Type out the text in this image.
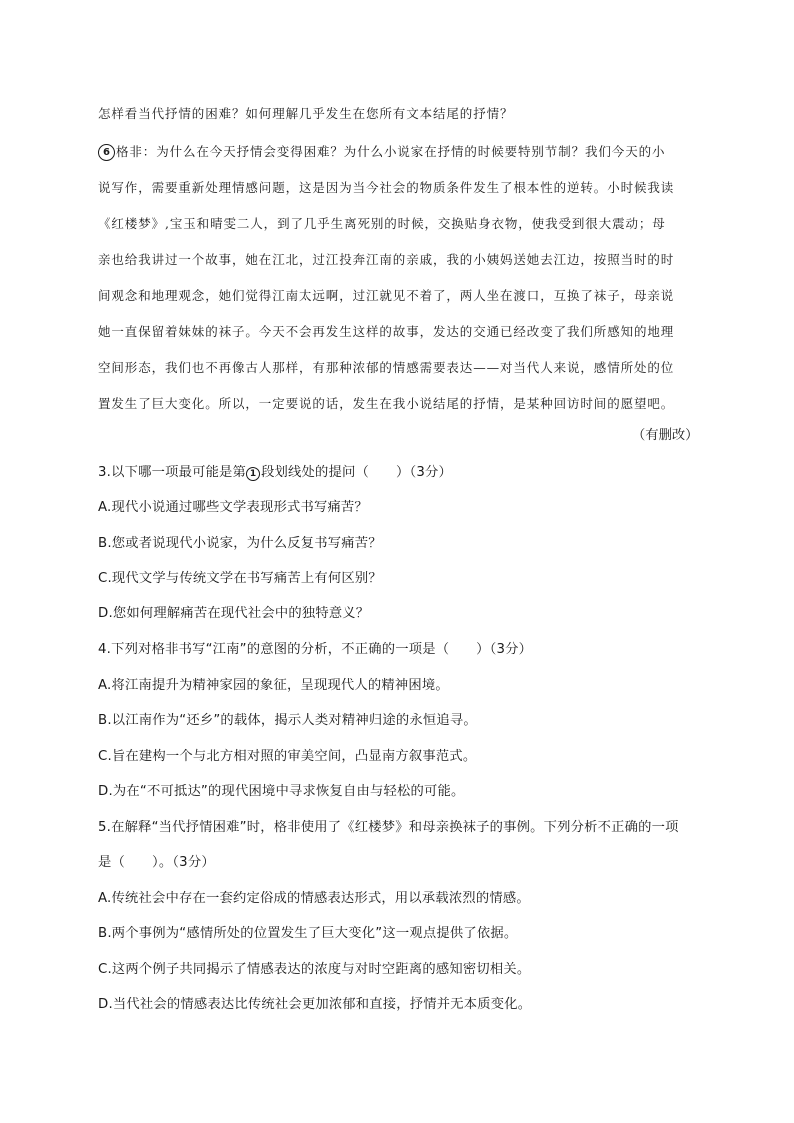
怎样看当代抒情的困难？如何理解几乎发生在您所有文本结尾的抒情？
6 格非：为什么在今天抒情会变得困难？为什么小说家在抒情的时候要特别节制？我们今天的小
说写作，需要重新处理情感问题，这是因为当今社会的物质条件发生了根本性的逆转。小时候我读
《红楼梦》,宝玉和晴雯二人，到了几乎生离死别的时候，交换贴身衣物，使我受到很大震动；母
亲也给我讲过一个故事，她在江北，过江投奔江南的亲戚，我的小姨妈送她去江边，按照当时的时
间观念和地理观念，她们觉得江南太远啊，过江就见不着了，两人坐在渡口，互换了袜子，母亲说
她一直保留着妹妹的袜子。今天不会再发生这样的故事，发达的交通已经改变了我们所感知的地理
空间形态，我们也不再像古人那样，有那种浓郁的情感需要表达——对当代人来说，感情所处的位
置发生了巨大变化。所以，一定要说的话，发生在我小说结尾的抒情，是某种回访时间的愿望吧。
（有删改）
3.以下哪一项最可能是第 1 段划线处的提问（　　）（3分）
A.现代小说通过哪些文学表现形式书写痛苦？
B.您或者说现代小说家，为什么反复书写痛苦？
C.现代文学与传统文学在书写痛苦上有何区别？
D.您如何理解痛苦在现代社会中的独特意义？
4.下列对格非书写“江南”的意图的分析，不正确的一项是（　　）（3分）
A.将江南提升为精神家园的象征，呈现现代人的精神困境。
B.以江南作为“还乡”的载体，揭示人类对精神归途的永恒追寻。
C.旨在建构一个与北方相对照的审美空间，凸显南方叙事范式。
D.为在“不可抵达”的现代困境中寻求恢复自由与轻松的可能。
5.在解释“当代抒情困难”时，格非使用了《红楼梦》和母亲换袜子的事例。下列分析不正确的一项
是（　　）。（3分）
A.传统社会中存在一套约定俗成的情感表达形式，用以承载浓烈的情感。
B.两个事例为“感情所处的位置发生了巨大变化”这一观点提供了依据。
C.这两个例子共同揭示了情感表达的浓度与对时空距离的感知密切相关。
D.当代社会的情感表达比传统社会更加浓郁和直接，抒情并无本质变化。
